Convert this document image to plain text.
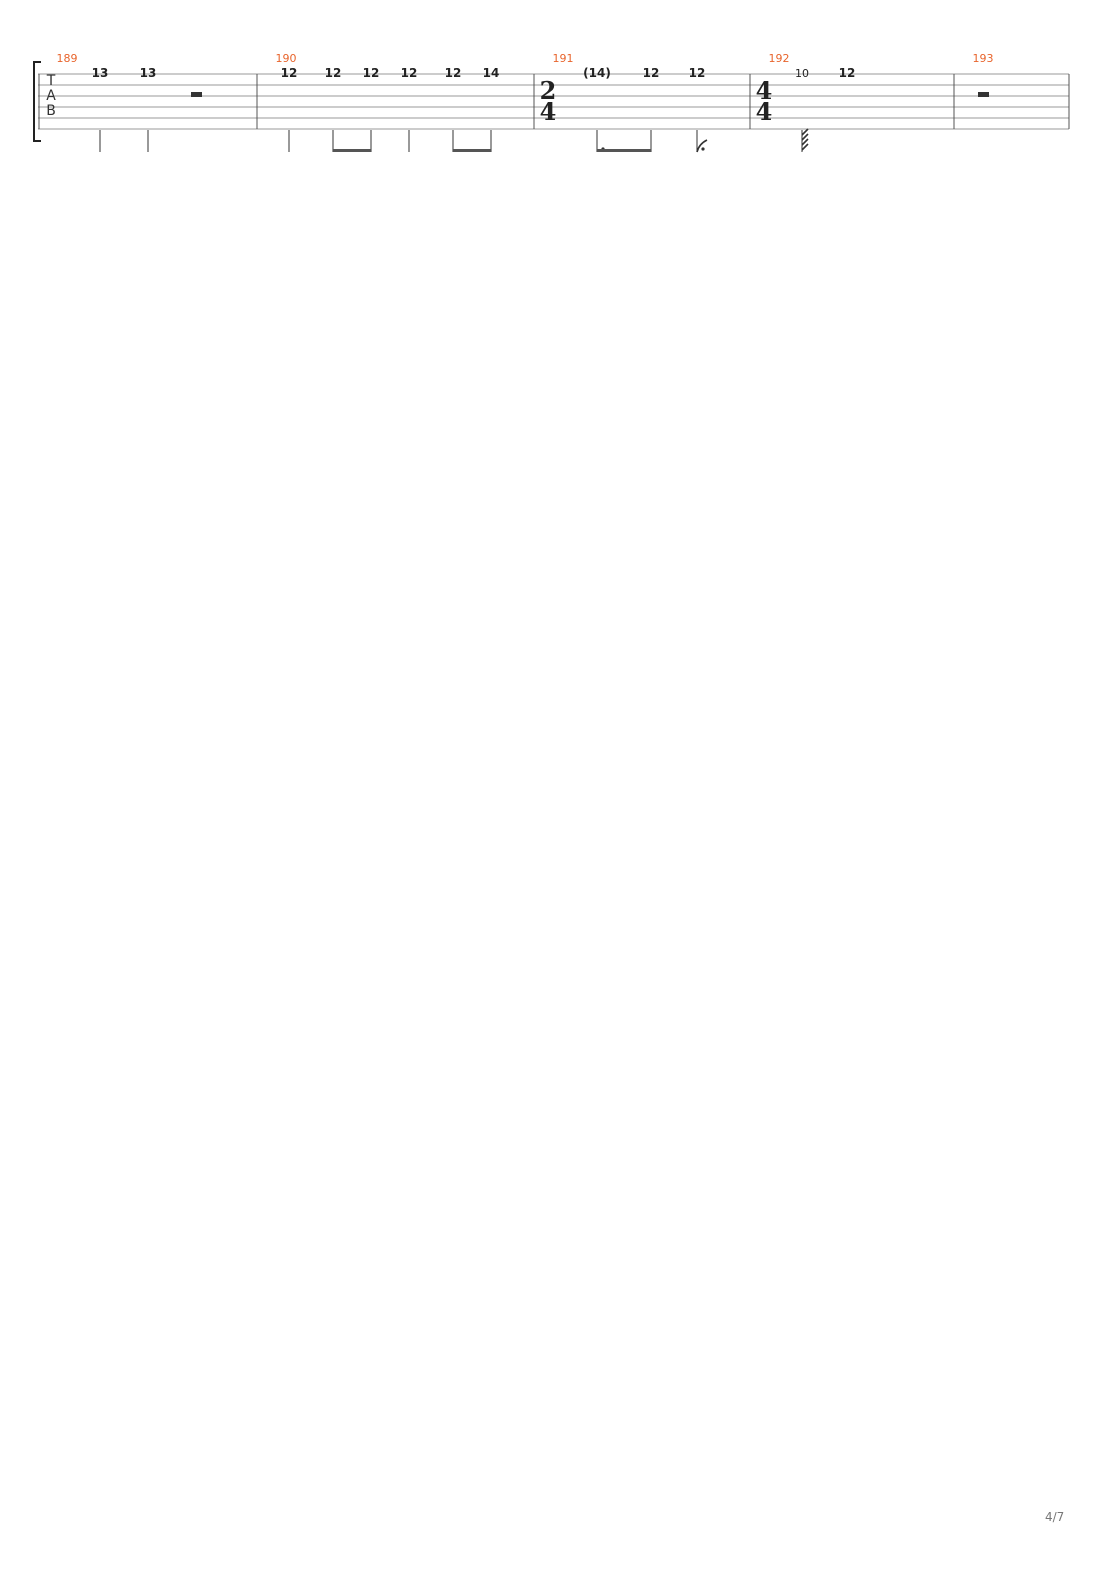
T
A
B
189
13	13
190
12 12 12 12 12 14
191
2
4
(14)	12 12
192
4
4
10 12
193
4/7
